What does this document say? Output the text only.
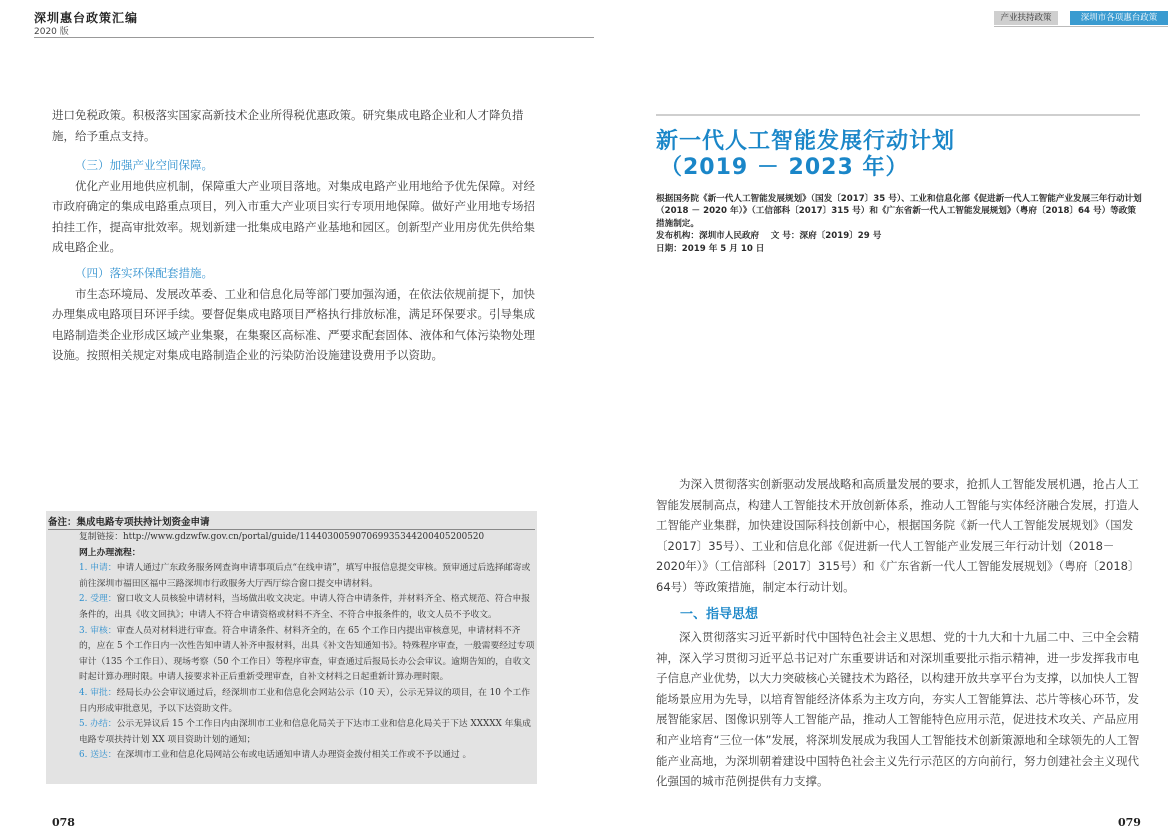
深圳惠台政策汇编
2020 版
产业扶持政策	深圳市各项惠台政策

进口免税政策。积极落实国家高新技术企业所得税优惠政策。研究集成电路企业和人才降负措施，给予重点支持。

（三）加强产业空间保障。

优化产业用地供应机制，保障重大产业项目落地。对集成电路产业用地给予优先保障。对经市政府确定的集成电路重点项目，列入市重大产业项目实行专项用地保障。做好产业用地专场招拍挂工作，提高审批效率。规划新建一批集成电路产业基地和园区。创新型产业用房优先供给集成电路企业。

（四）落实环保配套措施。

市生态环境局、发展改革委、工业和信息化局等部门要加强沟通，在依法依规前提下，加快办理集成电路项目环评手续。要督促集成电路项目严格执行排放标准，满足环保要求。引导集成电路制造类企业形成区域产业集聚，在集聚区高标准、严要求配套固体、液体和气体污染物处理设施。按照相关规定对集成电路制造企业的污染防治设施建设费用予以资助。

备注：集成电路专项扶持计划资金申请
复制链接：http://www.gdzwfw.gov.cn/portal/guide/11440300590706993534420040520052​0
网上办理流程：
1. 申请：申请人通过广东政务服务网查询申请事项后点“在线申请”，填写申报信息提交审核。预审通过后选择邮寄或前往深圳市福田区福中三路深圳市行政服务大厅西厅综合窗口提交申请材料。
2. 受理：窗口收文人员核验申请材料，当场做出收文决定。申请人符合申请条件，并材料齐全、格式规范、符合申报条件的，出具《收文回执》；申请人不符合申请资格或材料不齐全、不符合申报条件的，收文人员不予收文。
3. 审核：审查人员对材料进行审查。符合申请条件、材料齐全的，在 65 个工作日内提出审核意见，申请材料不齐的，应在 5 个工作日内一次性告知申请人补齐申报材料，出具《补文告知通知书》。特殊程序审查，一般需要经过专项审计（135 个工作日）、现场考察（50 个工作日）等程序审查，审查通过后报局长办公会审议。逾期告知的，自收文时起计算办理时限。申请人接要求补正后重新受理审查，自补文材料之日起重新计算办理时限。
4. 审批：经局长办公会审议通过后，经深圳市工业和信息化会网站公示（10 天），公示无异议的项目，在 10 个工作日内形成审批意见，予以下达资助文件。
5. 办结：公示无异议后 15 个工作日内由深圳市工业和信息化局关于下达市工业和信息化局关于下达 XXXXX 年集成电路专项扶持计划 XX 项目资助计划的通知；
6. 送达：在深圳市工业和信息化局网站公布或电话通知申请人办理资金拨付相关工作或不予以通过 。
078
新一代人工智能发展行动计划
（2019 － 2023 年）
根据国务院《新一代人工智能发展规划》（国发〔2017〕35 号）、工业和信息化部《促进新一代人工智能产业发展三年行动计划（2018 － 2020 年）》（工信部科〔2017〕315 号）和《广东省新一代人工智能发展规划》（粤府〔2018〕64 号）等政策措施制定。
发布机构：深圳市人民政府　 文 号：深府〔2019〕29 号
日期：2019 年 5 月 10 日

为深入贯彻落实创新驱动发展战略和高质量发展的要求，抢抓人工智能发展机遇，抢占人工智能发展制高点，构建人工智能技术开放创新体系，推动人工智能与实体经济融合发展，打造人工智能产业集群，加快建设国际科技创新中心，根据国务院《新一代人工智能发展规划》（国发〔2017〕35号）、工业和信息化部《促进新一代人工智能产业发展三年行动计划（2018－2020年）》（工信部科〔2017〕315号）和《广东省新一代人工智能发展规划》（粤府〔2018〕64号）等政策措施，制定本行动计划。

一、指导思想

深入贯彻落实习近平新时代中国特色社会主义思想、党的十九大和十九届二中、三中全会精神，深入学习贯彻习近平总书记对广东重要讲话和对深圳重要批示指示精神，进一步发挥我市电子信息产业优势，以大力突破核心关键技术为路径，以构建开放共享平台为支撑，以加快人工智能场景应用为先导，以培育智能经济体系为主攻方向，夯实人工智能算法、芯片等核心环节，发展智能家居、图像识别等人工智能产品，推动人工智能特色应用示范，促进技术攻关、产品应用和产业培育“三位一体”发展，将深圳发展成为我国人工智能技术创新策源地和全球领先的人工智能产业高地，为深圳朝着建设中国特色社会主义先行示范区的方向前行，努力创建社会主义现代化强国的城市范例提供有力支撑。

079
